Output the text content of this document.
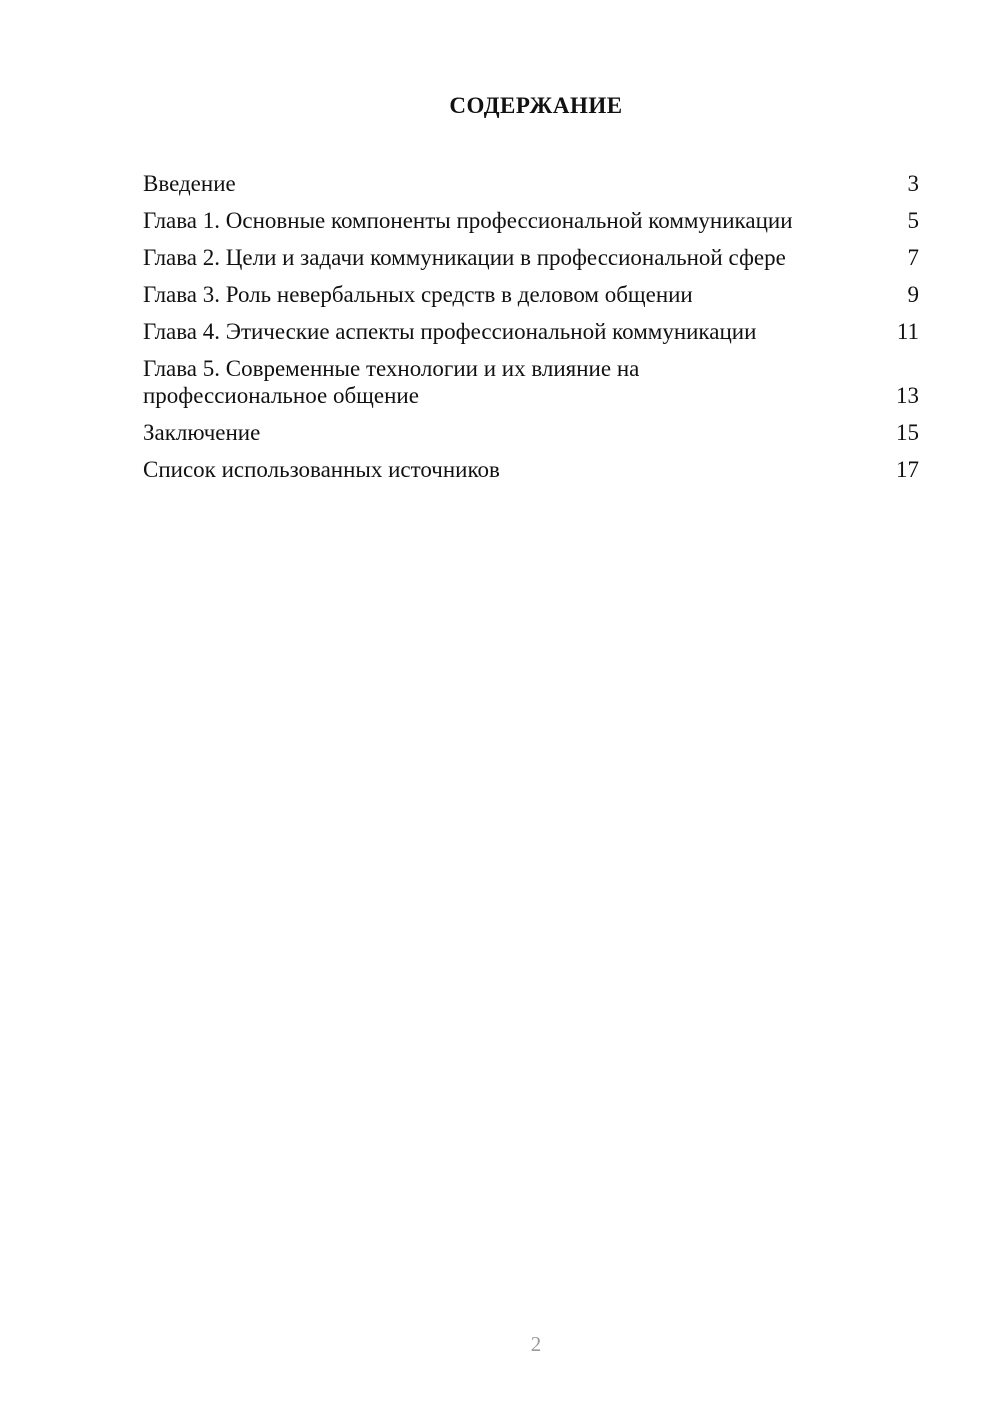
СОДЕРЖАНИЕ
Введение	3
Глава 1. Основные компоненты профессиональной коммуникации	5
Глава 2. Цели и задачи коммуникации в профессиональной сфере	7
Глава 3. Роль невербальных средств в деловом общении	9
Глава 4. Этические аспекты профессиональной коммуникации	11
Глава 5. Современные технологии и их влияние на профессиональное общение	13
Заключение	15
Список использованных источников	17
2
